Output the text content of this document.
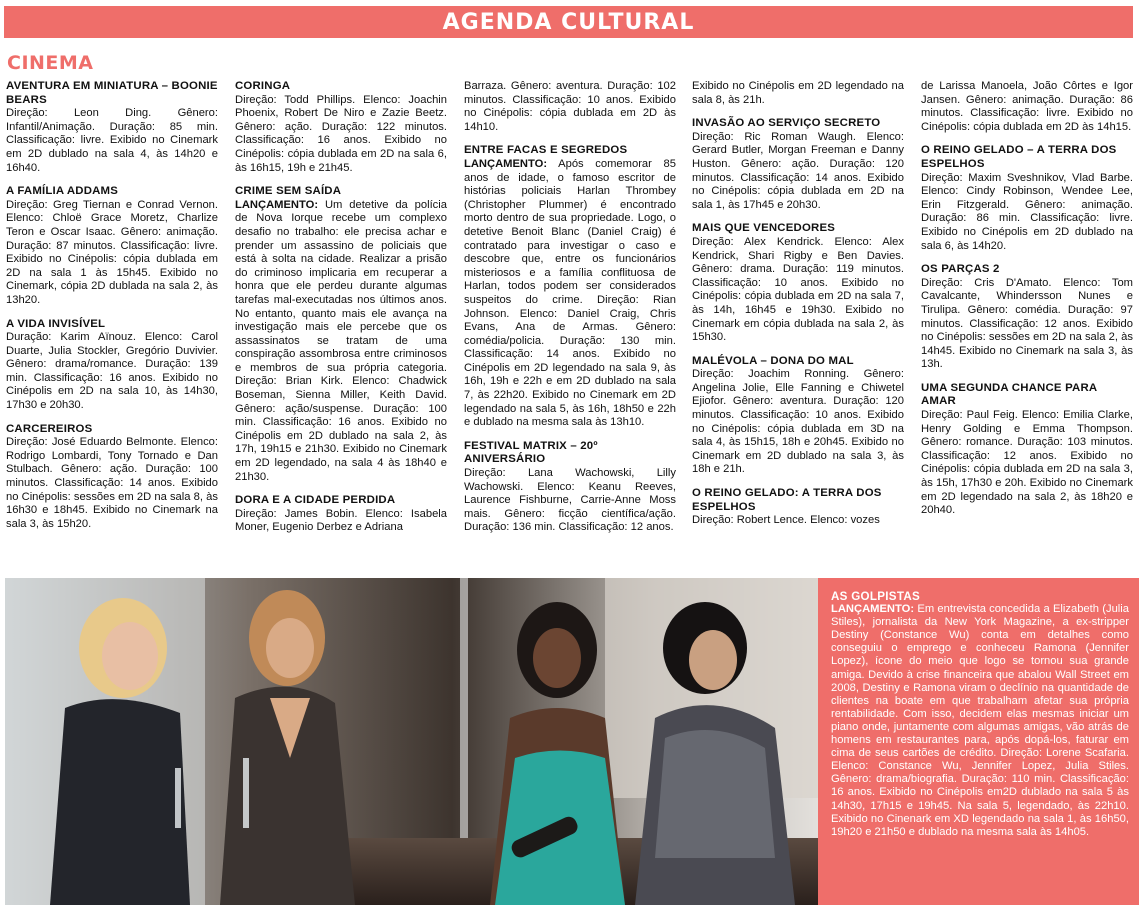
AGENDA CULTURAL
CINEMA
AVENTURA EM MINIATURA – BOONIE BEARS
Direção: Leon Ding. Gênero: Infantil/Animação. Duração: 85 min. Classificação: livre. Exibido no Cinemark em 2D dublado na sala 4, às 14h20 e 16h40.
A FAMÍLIA ADDAMS
Direção: Greg Tiernan e Conrad Vernon. Elenco: Chloë Grace Moretz, Charlize Teron e Oscar Isaac. Gênero: animação. Duração: 87 minutos. Classificação: livre. Exibido no Cinépolis: cópia dublada em 2D na sala 1 às 15h45. Exibido no Cinemark, cópia 2D dublada na sala 2, às 13h20.
A VIDA INVISÍVEL
Duração: Karim Aïnouz. Elenco: Carol Duarte, Julia Stockler, Gregório Duvivier. Gênero: drama/romance. Duração: 139 min. Classificação: 16 anos. Exibido no Cinépolis em 2D na sala 10, às 14h30, 17h30 e 20h30.
CARCEREIROS
Direção: José Eduardo Belmonte. Elenco: Rodrigo Lombardi, Tony Tornado e Dan Stulbach. Gênero: ação. Duração: 100 minutos. Classificação: 14 anos. Exibido no Cinépolis: sessões em 2D na sala 8, às 16h30 e 18h45. Exibido no Cinemark na sala 3, às 15h20.
CORINGA
Direção: Todd Phillips. Elenco: Joachin Phoenix, Robert De Niro e Zazie Beetz. Gênero: ação. Duração: 122 minutos. Classificação: 16 anos. Exibido no Cinépolis: cópia dublada em 2D na sala 6, às 16h15, 19h e 21h45.
CRIME SEM SAÍDA
LANÇAMENTO: Um detetive da polícia de Nova Iorque recebe um complexo desafio no trabalho: ele precisa achar e prender um assassino de policiais que está à solta na cidade. Realizar a prisão do criminoso implicaria em recuperar a honra que ele perdeu durante algumas tarefas mal-executadas nos últimos anos. No entanto, quanto mais ele avança na investigação mais ele percebe que os assassinatos se tratam de uma conspiração assombrosa entre criminosos e membros de sua própria categoria. Direção: Brian Kirk. Elenco: Chadwick Boseman, Sienna Miller, Keith David. Gênero: ação/suspense. Duração: 100 min. Classificação: 16 anos. Exibido no Cinépolis em 2D dublado na sala 2, às 17h, 19h15 e 21h30. Exibido no Cinemark em 2D legendado, na sala 4 às 18h40 e 21h30.
DORA E A CIDADE PERDIDA
Direção: James Bobin. Elenco: Isabela Moner, Eugenio Derbez e Adriana
Barraza. Gênero: aventura. Duração: 102 minutos. Classificação: 10 anos. Exibido no Cinépolis: cópia dublada em 2D às 14h10.
ENTRE FACAS E SEGREDOS
LANÇAMENTO: Após comemorar 85 anos de idade, o famoso escritor de histórias policiais Harlan Thrombey (Christopher Plummer) é encontrado morto dentro de sua propriedade. Logo, o detetive Benoit Blanc (Daniel Craig) é contratado para investigar o caso e descobre que, entre os funcionários misteriosos e a família conflituosa de Harlan, todos podem ser considerados suspeitos do crime. Direção: Rian Johnson. Elenco: Daniel Craig, Chris Evans, Ana de Armas. Gênero: comédia/policia. Duração: 130 min. Classificação: 14 anos. Exibido no Cinépolis em 2D legendado na sala 9, às 16h, 19h e 22h e em 2D dublado na sala 7, às 22h20. Exibido no Cinemark em 2D legendado na sala 5, às 16h, 18h50 e 22h e dublado na mesma sala às 13h10.
FESTIVAL MATRIX – 20º ANIVERSÁRIO
Direção: Lana Wachowski, Lilly Wachowski. Elenco: Keanu Reeves, Laurence Fishburne, Carrie-Anne Moss mais. Gênero: ficção científica/ação. Duração: 136 min. Classificação: 12 anos.
Exibido no Cinépolis em 2D legendado na sala 8, às 21h.
INVASÃO AO SERVIÇO SECRETO
Direção: Ric Roman Waugh. Elenco: Gerard Butler, Morgan Freeman e Danny Huston. Gênero: ação. Duração: 120 minutos. Classificação: 14 anos. Exibido no Cinépolis: cópia dublada em 2D na sala 1, às 17h45 e 20h30.
MAIS QUE VENCEDORES
Direção: Alex Kendrick. Elenco: Alex Kendrick, Shari Rigby e Ben Davies. Gênero: drama. Duração: 119 minutos. Classificação: 10 anos. Exibido no Cinépolis: cópia dublada em 2D na sala 7, às 14h, 16h45 e 19h30. Exibido no Cinemark em cópia dublada na sala 2, às 15h30.
MALÉVOLA – DONA DO MAL
Direção: Joachim Ronning. Gênero: Angelina Jolie, Elle Fanning e Chiwetel Ejiofor. Gênero: aventura. Duração: 120 minutos. Classificação: 10 anos. Exibido no Cinépolis: cópia dublada em 3D na sala 4, às 15h15, 18h e 20h45. Exibido no Cinemark em 2D dublado na sala 3, às 18h e 21h.
O REINO GELADO: A TERRA DOS ESPELHOS
Direção: Robert Lence. Elenco: vozes
de Larissa Manoela, João Côrtes e Igor Jansen. Gênero: animação. Duração: 86 minutos. Classificação: livre. Exibido no Cinépolis: cópia dublada em 2D às 14h15.
O REINO GELADO – A TERRA DOS ESPELHOS
Direção: Maxim Sveshnikov, Vlad Barbe. Elenco: Cindy Robinson, Wendee Lee, Erin Fitzgerald. Gênero: animação. Duração: 86 min. Classificação: livre. Exibido no Cinépolis em 2D dublado na sala 6, às 14h20.
OS PARÇAS 2
Direção: Cris D'Amato. Elenco: Tom Cavalcante, Whindersson Nunes e Tirulipa. Gênero: comédia. Duração: 97 minutos. Classificação: 12 anos. Exibido no Cinépolis: sessões em 2D na sala 2, às 14h45. Exibido no Cinemark na sala 3, às 13h.
UMA SEGUNDA CHANCE PARA AMAR
Direção: Paul Feig. Elenco: Emilia Clarke, Henry Golding e Emma Thompson. Gênero: romance. Duração: 103 minutos. Classificação: 12 anos. Exibido no Cinépolis: cópia dublada em 2D na sala 3, às 15h, 17h30 e 20h. Exibido no Cinemark em 2D legendado na sala 2, às 18h20 e 20h40.
AS GOLPISTAS
LANÇAMENTO: Em entrevista concedida a Elizabeth (Julia Stiles), jornalista da New York Magazine, a ex-stripper Destiny (Constance Wu) conta em detalhes como conseguiu o emprego e conheceu Ramona (Jennifer Lopez), ícone do meio que logo se tornou sua grande amiga. Devido à crise financeira que abalou Wall Street em 2008, Destiny e Ramona viram o declínio na quantidade de clientes na boate em que trabalham afetar sua própria rentabilidade. Com isso, decidem elas mesmas iniciar um piano onde, juntamente com algumas amigas, vão atrás de homens em restaurantes para, após dopá-los, faturar em cima de seus cartões de crédito. Direção: Lorene Scafaria. Elenco: Constance Wu, Jennifer Lopez, Julia Stiles. Gênero: drama/biografia. Duração: 110 min. Classificação: 16 anos. Exibido no Cinépolis em2D dublado na sala 5 às 14h30, 17h15 e 19h45. Na sala 5, legendado, às 22h10. Exibido no Cinenark em XD legendado na sala 1, às 16h50, 19h20 e 21h50 e dublado na mesma sala às 14h05.
